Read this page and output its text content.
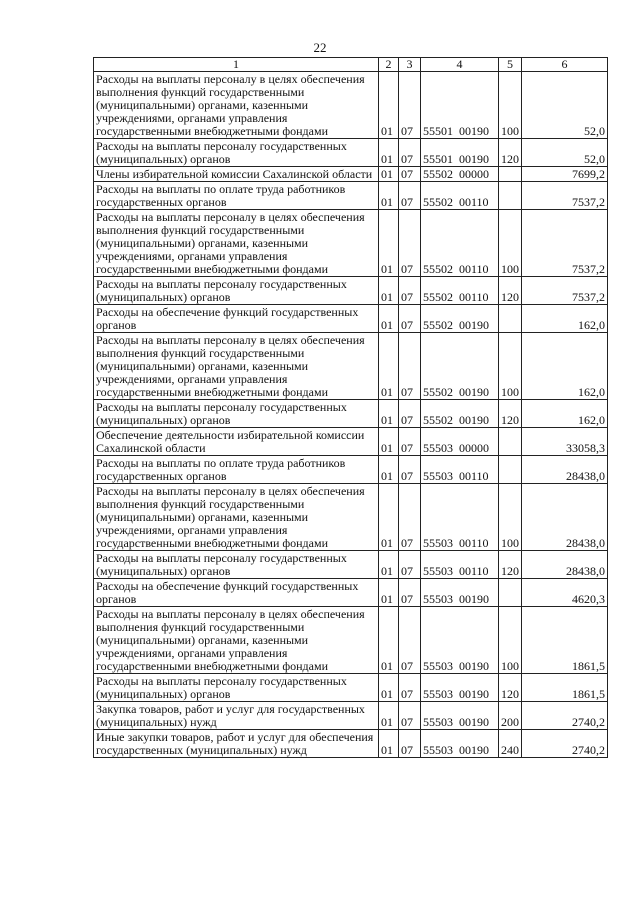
22
1	2	3	4	5	6

Расходы на выплаты персоналу в целях обеспечения выполнения функций государственными (муниципальными) органами, казенными учреждениями, органами управления государственными внебюджетными фондами	01	07	55501 00190	100	52,0

Расходы на выплаты персоналу государственных (муниципальных) органов	01	07	55501 00190	120	52,0

Члены избирательной комиссии Сахалинской области	01	07	55502 00000		7699,2

Расходы на выплаты по оплате труда работников государственных органов	01	07	55502 00110		7537,2

Расходы на выплаты персоналу в целях обеспечения выполнения функций государственными (муниципальными) органами, казенными учреждениями, органами управления государственными внебюджетными фондами	01	07	55502 00110	100	7537,2

Расходы на выплаты персоналу государственных (муниципальных) органов	01	07	55502 00110	120	7537,2

Расходы на обеспечение функций государственных органов	01	07	55502 00190		162,0

Расходы на выплаты персоналу в целях обеспечения выполнения функций государственными (муниципальными) органами, казенными учреждениями, органами управления государственными внебюджетными фондами	01	07	55502 00190	100	162,0

Расходы на выплаты персоналу государственных (муниципальных) органов	01	07	55502 00190	120	162,0

Обеспечение деятельности избирательной комиссии Сахалинской области	01	07	55503 00000		33058,3

Расходы на выплаты по оплате труда работников государственных органов	01	07	55503 00110		28438,0

Расходы на выплаты персоналу в целях обеспечения выполнения функций государственными (муниципальными) органами, казенными учреждениями, органами управления государственными внебюджетными фондами	01	07	55503 00110	100	28438,0

Расходы на выплаты персоналу государственных (муниципальных) органов	01	07	55503 00110	120	28438,0

Расходы на обеспечение функций государственных органов	01	07	55503 00190		4620,3

Расходы на выплаты персоналу в целях обеспечения выполнения функций государственными (муниципальными) органами, казенными учреждениями, органами управления государственными внебюджетными фондами	01	07	55503 00190	100	1861,5

Расходы на выплаты персоналу государственных (муниципальных) органов	01	07	55503 00190	120	1861,5

Закупка товаров, работ и услуг для государственных (муниципальных) нужд	01	07	55503 00190	200	2740,2

Иные закупки товаров, работ и услуг для обеспечения государственных (муниципальных) нужд	01	07	55503 00190	240	2740,2
